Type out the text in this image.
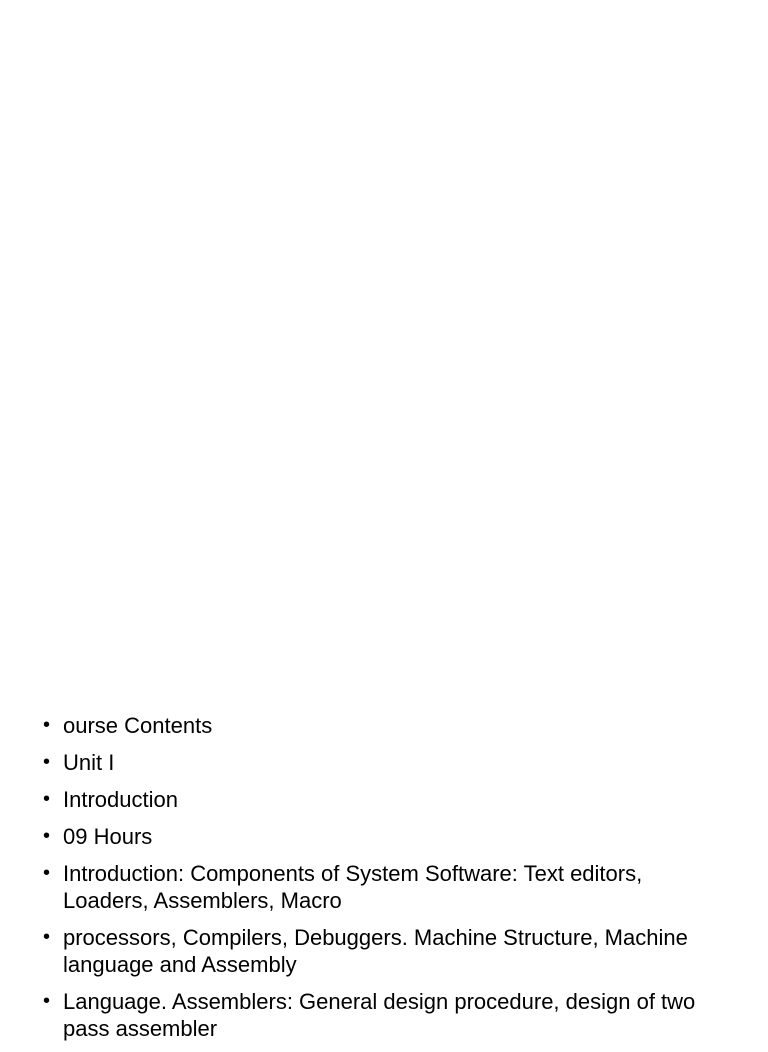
• ourse Contents
• Unit I
• Introduction
• 09 Hours
• Introduction: Components of System Software: Text editors, Loaders, Assemblers, Macro
• processors, Compilers, Debuggers. Machine Structure, Machine language and Assembly
• Language. Assemblers: General design procedure, design of two pass assembler
